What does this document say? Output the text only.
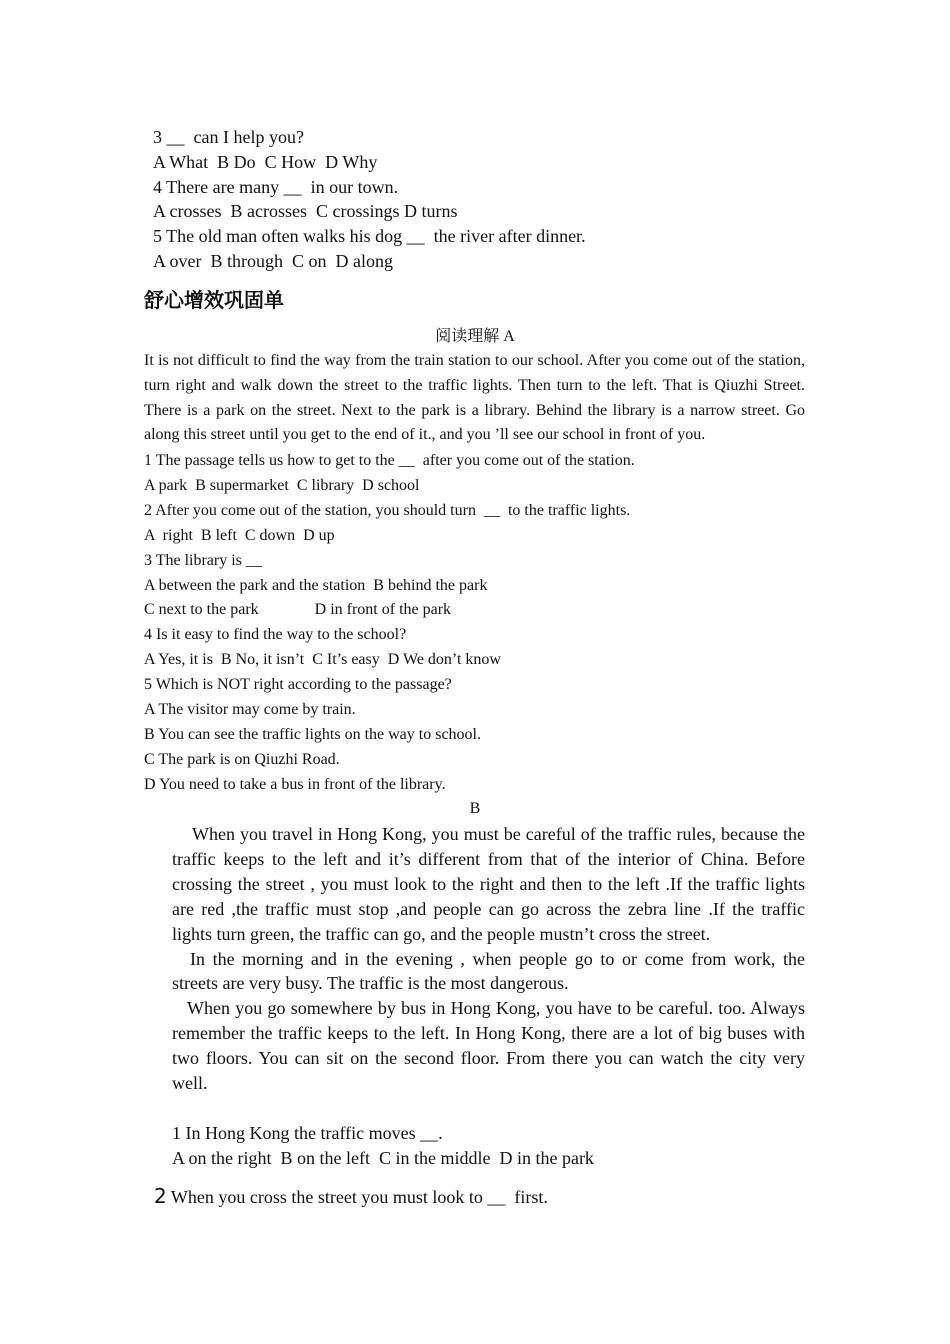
3 __  can I help you?
A What  B Do  C How  D Why
4 There are many __  in our town.
A crosses  B acrosses  C crossings D turns
5 The old man often walks his dog __  the river after dinner.
A over  B through  C on  D along
舒心增效巩固单
阅读理解 A
It is not difficult to find the way from the train station to our school. After you come out of the station, turn right and walk down the street to the traffic lights. Then turn to the left. That is Qiuzhi Street. There is a park on the street. Next to the park is a library. Behind the library is a narrow street. Go along this street until you get to the end of it., and you ’ll see our school in front of you.
1 The passage tells us how to get to the __  after you come out of the station.
A park  B supermarket  C library  D school
2 After you come out of the station, you should turn  __  to the traffic lights.
A  right  B left  C down  D up
3 The library is __
A between the park and the station  B behind the park
C next to the park              D in front of the park
4 Is it easy to find the way to the school?
A Yes, it is  B No, it isn’t  C It’s easy  D We don’t know
5 Which is NOT right according to the passage?
A The visitor may come by train.
B You can see the traffic lights on the way to school.
C The park is on Qiuzhi Road.
D You need to take a bus in front of the library.
B

When you travel in Hong Kong, you must be careful of the traffic rules, because the traffic keeps to the left and it’s different from that of the interior of China. Before crossing the street , you must look to the right and then to the left .If the traffic lights are red ,the traffic must stop ,and people can go across the zebra line .If the traffic lights turn green, the traffic can go, and the people mustn’t cross the street.

In the morning and in the evening , when people go to or come from work, the streets are very busy. The traffic is the most dangerous.

When you go somewhere by bus in Hong Kong, you have to be careful. too. Always remember the traffic keeps to the left. In Hong Kong, there are a lot of big buses with two floors. You can sit on the second floor. From there you can watch the city very well.

1 In Hong Kong the traffic moves __.
A on the right  B on the left  C in the middle  D in the park
2 When you cross the street you must look to __  first.
